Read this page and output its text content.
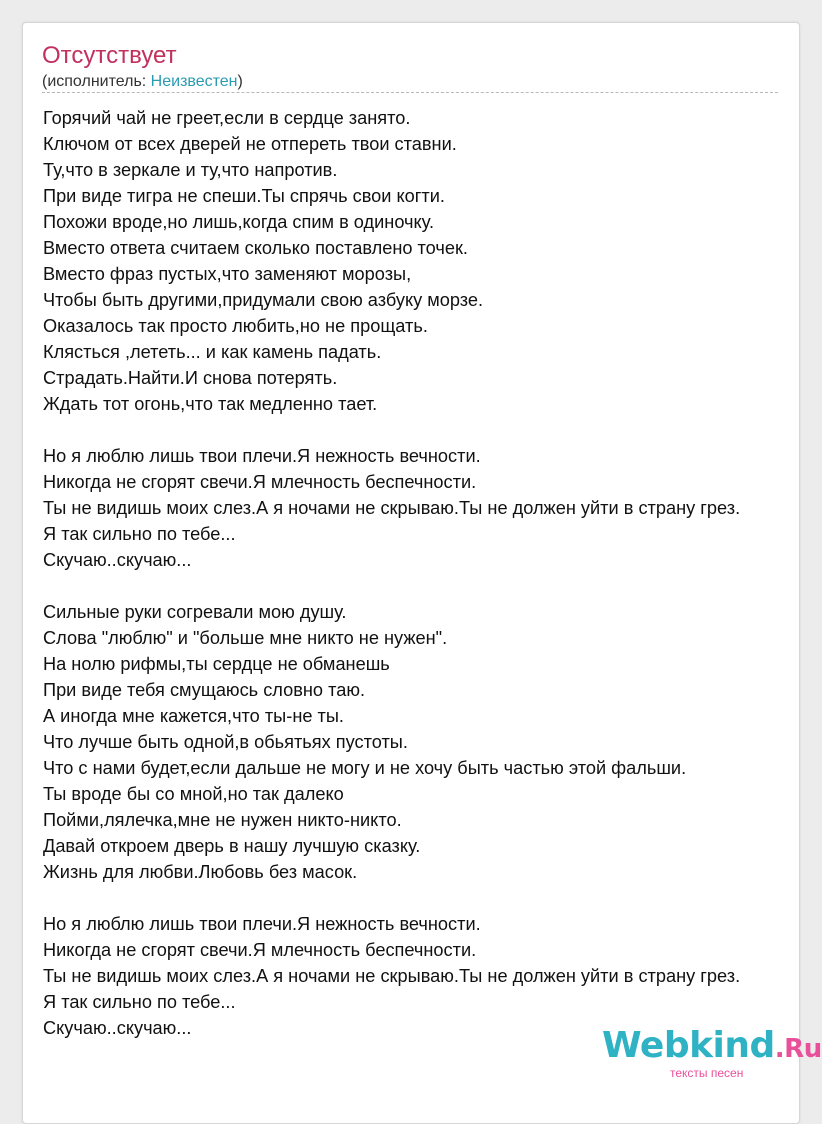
Отсутствует
(исполнитель: Неизвестен)
Горячий чай не греет,если в сердце занято.
Ключом от всех дверей не отпереть твои ставни.
Ту,что в зеркале и ту,что напротив.
При виде тигра не спеши.Ты спрячь свои когти.
Похожи вроде,но лишь,когда спим в одиночку.
Вместо ответа считаем сколько поставлено точек.
Вместо фраз пустых,что заменяют морозы,
Чтобы быть другими,придумали свою азбуку морзе.
Оказалось так просто любить,но не прощать.
Клясться ,лететь... и как камень падать.
Страдать.Найти.И снова потерять.
Ждать тот огонь,что так медленно тает.
Но я люблю лишь твои плечи.Я нежность вечности.
Никогда не сгорят свечи.Я млечность беспечности.
Ты не видишь моих слез.А я ночами не скрываю.Ты не должен уйти в страну грез.
Я так сильно по тебе...
Скучаю..скучаю...
Сильные руки согревали мою душу.
Слова "люблю" и "больше мне никто не нужен".
На нолю рифмы,ты сердце не обманешь
При виде тебя смущаюсь словно таю.
А иногда мне кажется,что ты-не ты.
Что лучше быть одной,в обьятьях пустоты.
Что с нами будет,если дальше не могу и не хочу быть частью этой фальши.
Ты вроде бы со мной,но так далеко
Пойми,лялечка,мне не нужен никто-никто.
Давай откроем дверь в нашу лучшую сказку.
Жизнь для любви.Любовь без масок.
Но я люблю лишь твои плечи.Я нежность вечности.
Никогда не сгорят свечи.Я млечность беспечности.
Ты не видишь моих слез.А я ночами не скрываю.Ты не должен уйти в страну грез.
Я так сильно по тебе...
Скучаю..скучаю...	Webkind.Ru
тексты песен
